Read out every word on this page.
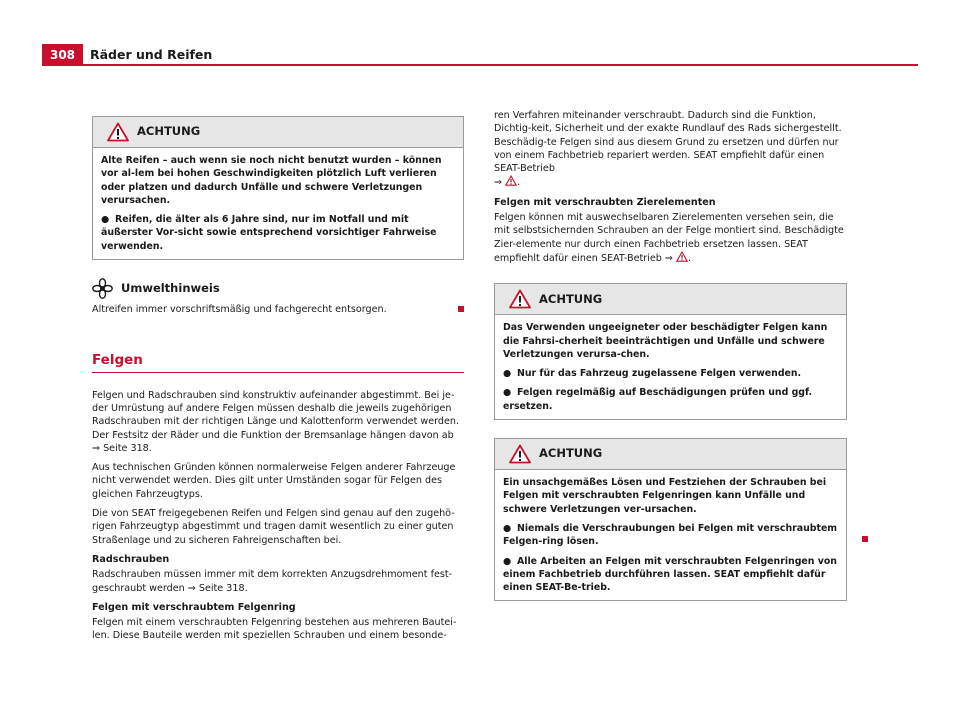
308	Räder und Reifen
ACHTUNG

Alte Reifen – auch wenn sie noch nicht benutzt wurden – können vor al-lem bei hohen Geschwindigkeiten plötzlich Luft verlieren oder platzen und dadurch Unfälle und schwere Verletzungen verursachen.

● Reifen, die älter als 6 Jahre sind, nur im Notfall und mit äußerster Vor-sicht sowie entsprechend vorsichtiger Fahrweise verwenden.

Umwelthinweis
Altreifen immer vorschriftsmäßig und fachgerecht entsorgen.
Felgen

Felgen und Radschrauben sind konstruktiv aufeinander abgestimmt. Bei je-der Umrüstung auf andere Felgen müssen deshalb die jeweils zugehörigen Radschrauben mit der richtigen Länge und Kalottenform verwendet werden. Der Festsitz der Räder und die Funktion der Bremsanlage hängen davon ab ⇒ Seite 318.

Aus technischen Gründen können normalerweise Felgen anderer Fahrzeuge nicht verwendet werden. Dies gilt unter Umständen sogar für Felgen des gleichen Fahrzeugtyps.

Die von SEAT freigegebenen Reifen und Felgen sind genau auf den zugehö-rigen Fahrzeugtyp abgestimmt und tragen damit wesentlich zu einer guten Straßenlage und zu sicheren Fahreigenschaften bei.

Radschrauben

Radschrauben müssen immer mit dem korrekten Anzugsdrehmoment fest-geschraubt werden ⇒ Seite 318.

Felgen mit verschraubtem Felgenring

Felgen mit einem verschraubten Felgenring bestehen aus mehreren Bautei-len. Diese Bauteile werden mit speziellen Schrauben und einem besonde-

ren Verfahren miteinander verschraubt. Dadurch sind die Funktion, Dichtig-keit, Sicherheit und der exakte Rundlauf des Rads sichergestellt. Beschädig-te Felgen sind aus diesem Grund zu ersetzen und dürfen nur von einem Fachbetrieb repariert werden. SEAT empfiehlt dafür einen SEAT-Betrieb

⇒ .

Felgen mit verschraubten Zierelementen

Felgen können mit auswechselbaren Zierelementen versehen sein, die mit selbstsichernden Schrauben an der Felge montiert sind. Beschädigte Zier-elemente nur durch einen Fachbetrieb ersetzen lassen. SEAT empfiehlt dafür einen SEAT-Betrieb ⇒ .

ACHTUNG

Das Verwenden ungeeigneter oder beschädigter Felgen kann die Fahrsi-cherheit beeinträchtigen und Unfälle und schwere Verletzungen verursa-chen.

● Nur für das Fahrzeug zugelassene Felgen verwenden.

● Felgen regelmäßig auf Beschädigungen prüfen und ggf. ersetzen.

ACHTUNG

Ein unsachgemäßes Lösen und Festziehen der Schrauben bei Felgen mit verschraubten Felgenringen kann Unfälle und schwere Verletzungen ver-ursachen.

● Niemals die Verschraubungen bei Felgen mit verschraubtem Felgen-ring lösen.

● Alle Arbeiten an Felgen mit verschraubten Felgenringen von einem Fachbetrieb durchführen lassen. SEAT empfiehlt dafür einen SEAT-Be-trieb.
